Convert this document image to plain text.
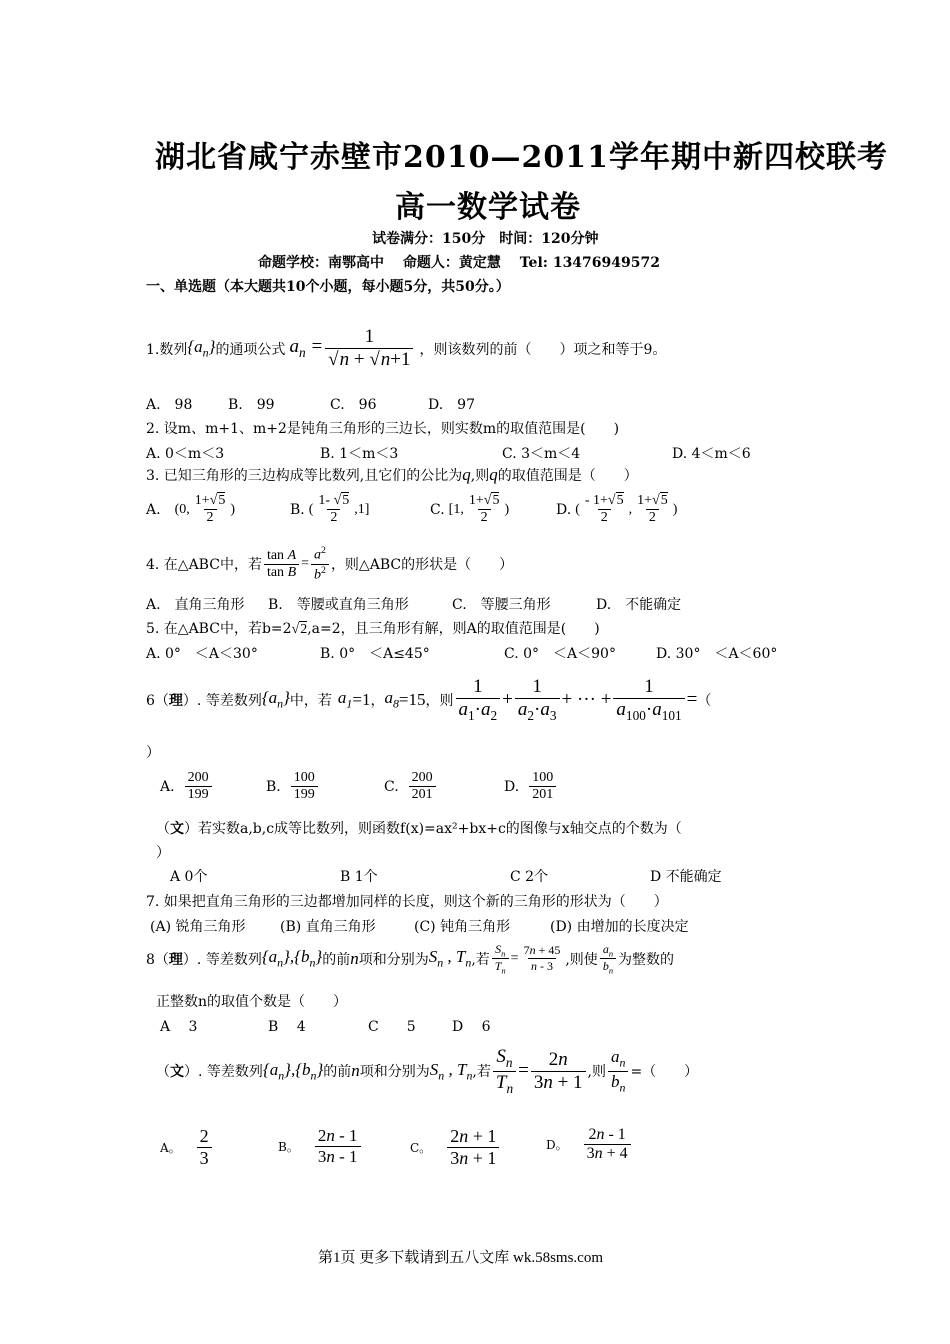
湖北省咸宁赤壁市2010—2011学年期中新四校联考
高一数学试卷
试卷满分：150分　时间：120分钟
命题学校：南鄂高中　 命题人：黄定慧　 Tel: 13476949572
一、单选题（本大题共10个小题，每小题5分，共50分。）
1.数列 $\{a_n\}$ 的通项公式 $a_n = \frac{1}{√n + √n+1}$ ，则该数列的前（　　）项之和等于9。
A.　98	B.　99	C.　96	D.　97
2. 设m、m+1、m+2是钝角三角形的三边长，则实数m的取值范围是(　　)
A. 0＜m＜3	B. 1＜m＜3	C. 3＜m＜4	D. 4＜m＜6
3. 已知三角形的三边构成等比数列,且它们的公比为q,则q的取值范围是（　　）
A. (0, $\frac{1+√5}{2}$ )	B. ( $\frac{1- √5}{2} ,1$]	C. [1, $\frac{1+√5}{2}$ )	D. ( $\frac{- 1+√5}{2}$ , $\frac{1+√5}{2}$ )
4. 在△ABC中，若 $\frac{\text{tan A}}{\text{tan B}} = \frac{a^2}{b^2}$ ，则△ABC的形状是（　　）
A.　直角三角形 B.　等腰或直角三角形	C.　等腰三角形	D.　不能确定
5. 在△ABC中，若b=2√2,a=2，且三角形有解，则A的取值范围是(　　)
A. 0°　＜A＜30°	B. 0°　＜A≤45°	C. 0°　＜A＜90°	D. 30°　＜A＜60°
6（ 理 ）. 等差数列 $\{a_n\}$ 中，若 $a_1 =1$ ， $a_8 =15$ ，则 $\frac{1}{a_1\cdot a_2} + \frac{1}{a_2\cdot a_3}$ + ··· + $\frac{1}{a_{100}\cdot a_{101}}$ = （
）
A. $\frac{200}{199}$	B. $\frac{100}{199}$	C. $\frac{200}{201}$	D. $\frac{100}{201}$
（文）若实数a,b,c成等比数列，则函数f(x)=ax²+bx+c的图像与x轴交点的个数为（
）
A 0个	B 1个	C 2个	D 不能确定
7. 如果把直角三角形的三边都增加同样的长度，则这个新的三角形的形状为（　　）
(A) 锐角三角形 (B) 直角三角形	(C) 钝角三角形	(D) 由增加的长度决定
8（ 理 ）. 等差数列 $\{a_n\},\{b_n\}$ 的前 n 项和分别为 $S_n$ , $T_n$ ,若 $\frac{S_n}{T_n} = \frac{7n + 45}{n - 3}$ ,则使 $\frac{a_n}{b_n}$ 为整数的
正整数n的取值个数是（　　）
A　 3	B　 4	C　　5	D　 6
（ 文 ）. 等差数列 $\{a_n\},\{b_n\}$ 的前 n 项和分别为 $S_n$ , $T_n$ ,若 $\frac{S_n}{T_n} = \frac{2n}{3n + 1}$ ,则 $\frac{a_n}{b_n}$ =（　　）
A。 $\frac{2}{3}$	B。 $\frac{2n - 1}{3n - 1}$	C。 $\frac{2n + 1}{3n + 1}$	D。 $\frac{2n - 1}{3n + 4}$
第1页 更多下载请到五八文库 wk.58sms.com
